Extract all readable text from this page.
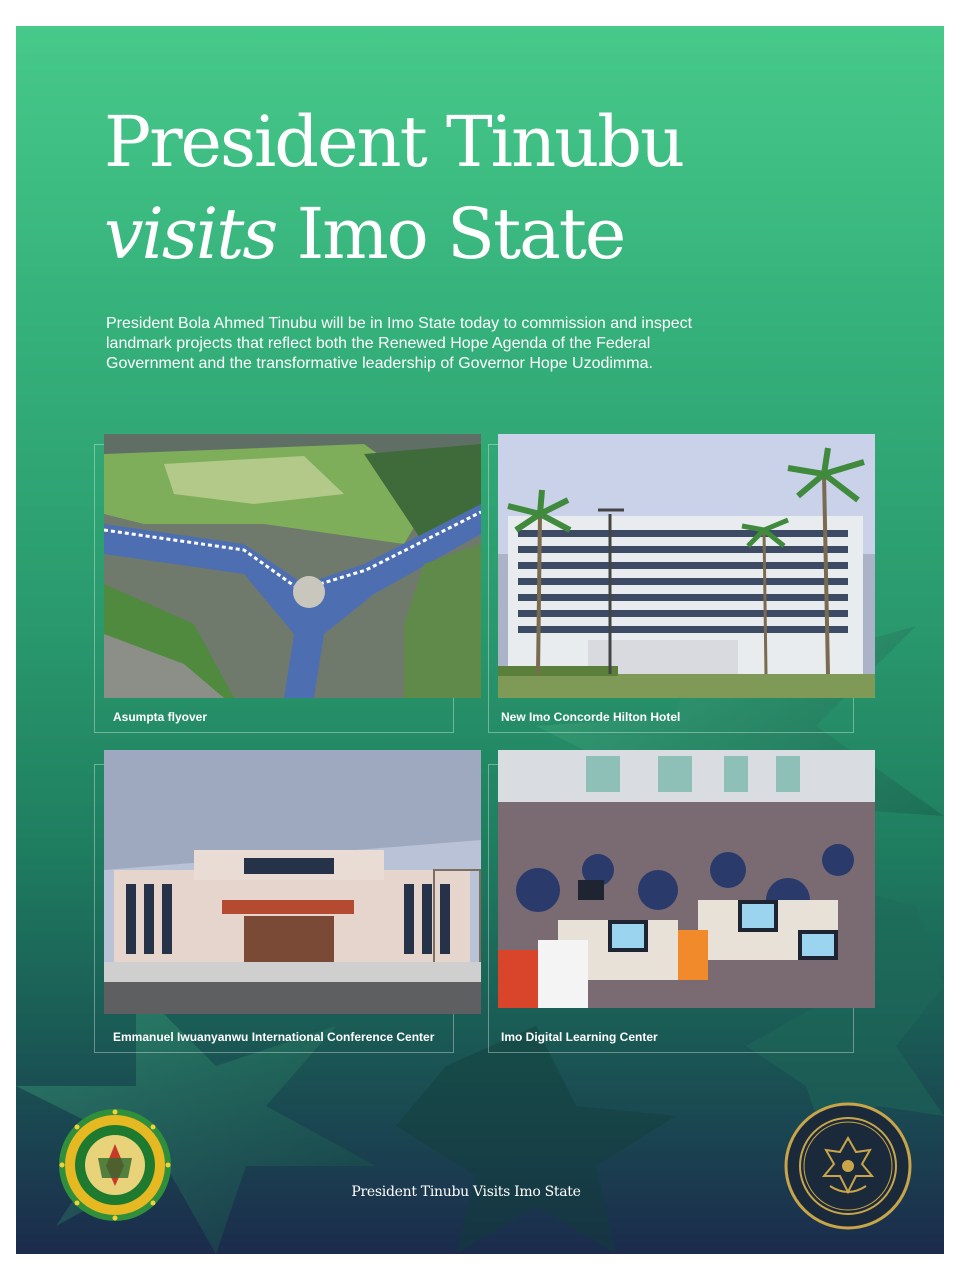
President Tinubu
visits Imo State

President Bola Ahmed Tinubu will be in Imo State today to commission and inspect landmark projects that reflect both the Renewed Hope Agenda of the Federal Government and the transformative leadership of Governor Hope Uzodimma.

Asumpta flyover	New Imo Concorde Hilton Hotel
Emmanuel Iwuanyanwu International Conference Center	Imo Digital Learning Center
President Tinubu Visits Imo State
